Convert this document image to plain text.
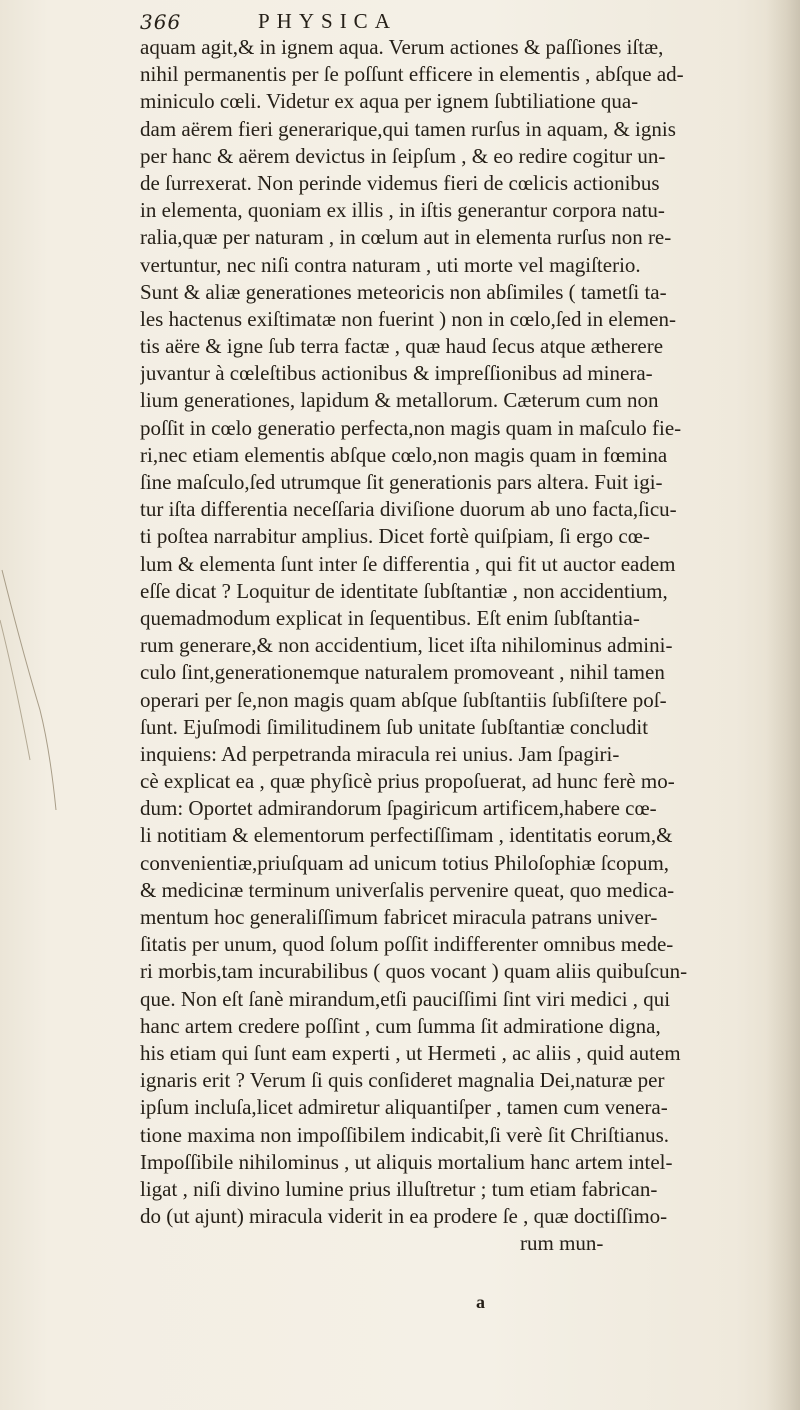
366	PHYSICA
aquam agit,& in ignem aqua. Verum actiones & paſſiones iſtæ,
nihil permanentis per ſe poſſunt efficere in elementis , abſque ad-
miniculo cœli. Videtur ex aqua per ignem ſubtiliatione qua-
dam aërem fieri generarique,qui tamen rurſus in aquam, & ignis
per hanc & aërem devictus in ſeipſum , & eo redire cogitur un-
de ſurrexerat. Non perinde videmus fieri de cœlicis actionibus
in elementa, quoniam ex illis , in iſtis generantur corpora natu-
ralia,quæ per naturam , in cœlum aut in elementa rurſus non re-
vertuntur, nec niſi contra naturam , uti morte vel magiſterio.
Sunt & aliæ generationes meteoricis non abſimiles ( tametſi ta-
les hactenus exiſtimatæ non fuerint ) non in cœlo,ſed in elemen-
tis aëre & igne ſub terra factæ , quæ haud ſecus atque ætherere
juvantur à cœleſtibus actionibus & impreſſionibus ad minera-
lium generationes, lapidum & metallorum. Cæterum cum non
poſſit in cœlo generatio perfecta,non magis quam in maſculo fie-
ri,nec etiam elementis abſque cœlo,non magis quam in fœmina
ſine maſculo,ſed utrumque ſit generationis pars altera. Fuit igi-
tur iſta differentia neceſſaria diviſione duorum ab uno facta,ſicu-
ti poſtea narrabitur amplius. Dicet fortè quiſpiam, ſi ergo cœ-
lum & elementa ſunt inter ſe differentia , qui fit ut auctor eadem
eſſe dicat ? Loquitur de identitate ſubſtantiæ , non accidentium,
quemadmodum explicat in ſequentibus. Eſt enim ſubſtantia-
rum generare,& non accidentium, licet iſta nihilominus admini-
culo ſint,generationemque naturalem promoveant , nihil tamen
operari per ſe,non magis quam abſque ſubſtantiis ſubſiſtere poſ-
ſunt. Ejuſmodi ſimilitudinem ſub unitate ſubſtantiæ concludit
inquiens: Ad perpetranda miracula rei unius. Jam ſpagiri-
cè explicat ea , quæ phyſicè prius propoſuerat, ad hunc ferè mo-
dum: Oportet admirandorum ſpagiricum artificem,habere cœ-
li notitiam & elementorum perfectiſſimam , identitatis eorum,&
convenientiæ,priuſquam ad unicum totius Philoſophiæ ſcopum,
& medicinæ terminum univerſalis pervenire queat, quo medica-
mentum hoc generaliſſimum fabricet miracula patrans univer-
ſitatis per unum, quod ſolum poſſit indifferenter omnibus mede-
ri morbis,tam incurabilibus ( quos vocant ) quam aliis quibuſcun-
que. Non eſt ſanè mirandum,etſi pauciſſimi ſint viri medici , qui
hanc artem credere poſſint , cum ſumma ſit admiratione digna,
his etiam qui ſunt eam experti , ut Hermeti , ac aliis , quid autem
ignaris erit ? Verum ſi quis conſideret magnalia Dei,naturæ per
ipſum incluſa,licet admiretur aliquantiſper , tamen cum venera-
tione maxima non impoſſibilem indicabit,ſi verè ſit Chriſtianus.
Impoſſibile nihilominus , ut aliquis mortalium hanc artem intel-
ligat , niſi divino lumine prius illuſtretur ; tum etiam fabrican-
do (ut ajunt) miracula viderit in ea prodere ſe , quæ doctiſſimo-
rum mun-
a
